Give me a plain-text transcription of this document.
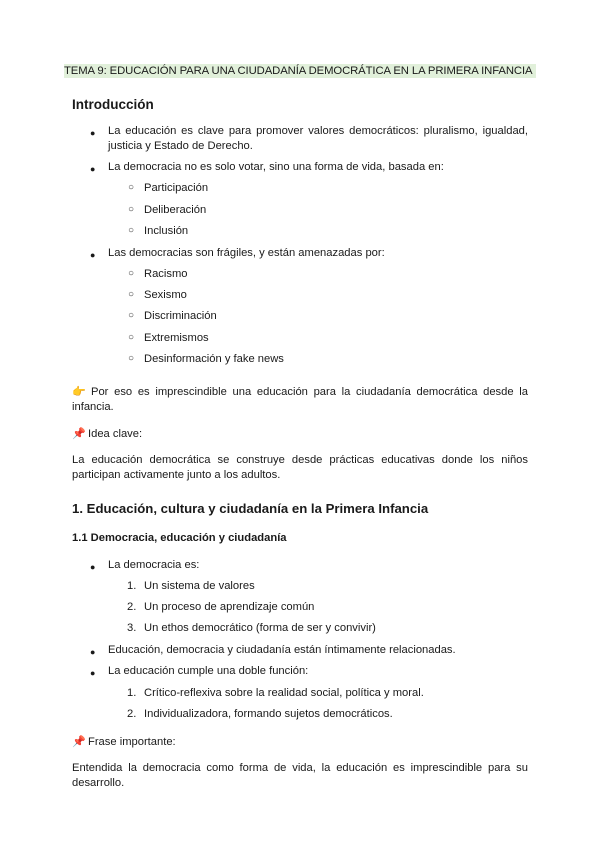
TEMA 9: EDUCACIÓN PARA UNA CIUDADANÍA DEMOCRÁTICA EN LA PRIMERA INFANCIA
Introducción
● La educación es clave para promover valores democráticos: pluralismo, igualdad, justicia y Estado de Derecho.
● La democracia no es solo votar, sino una forma de vida, basada en:
○ Participación
○ Deliberación
○ Inclusión
● Las democracias son frágiles, y están amenazadas por:
○ Racismo
○ Sexismo
○ Discriminación
○ Extremismos
○ Desinformación y fake news
👉 Por eso es imprescindible una educación para la ciudadanía democrática desde la infancia.
📌 Idea clave:
La educación democrática se construye desde prácticas educativas donde los niños participan activamente junto a los adultos.
1. Educación, cultura y ciudadanía en la Primera Infancia
1.1 Democracia, educación y ciudadanía
● La democracia es:
1. Un sistema de valores
2. Un proceso de aprendizaje común
3. Un ethos democrático (forma de ser y convivir)
● Educación, democracia y ciudadanía están íntimamente relacionadas.
● La educación cumple una doble función:
1. Crítico-reflexiva sobre la realidad social, política y moral.
2. Individualizadora, formando sujetos democráticos.
📌 Frase importante:
Entendida la democracia como forma de vida, la educación es imprescindible para su desarrollo.
